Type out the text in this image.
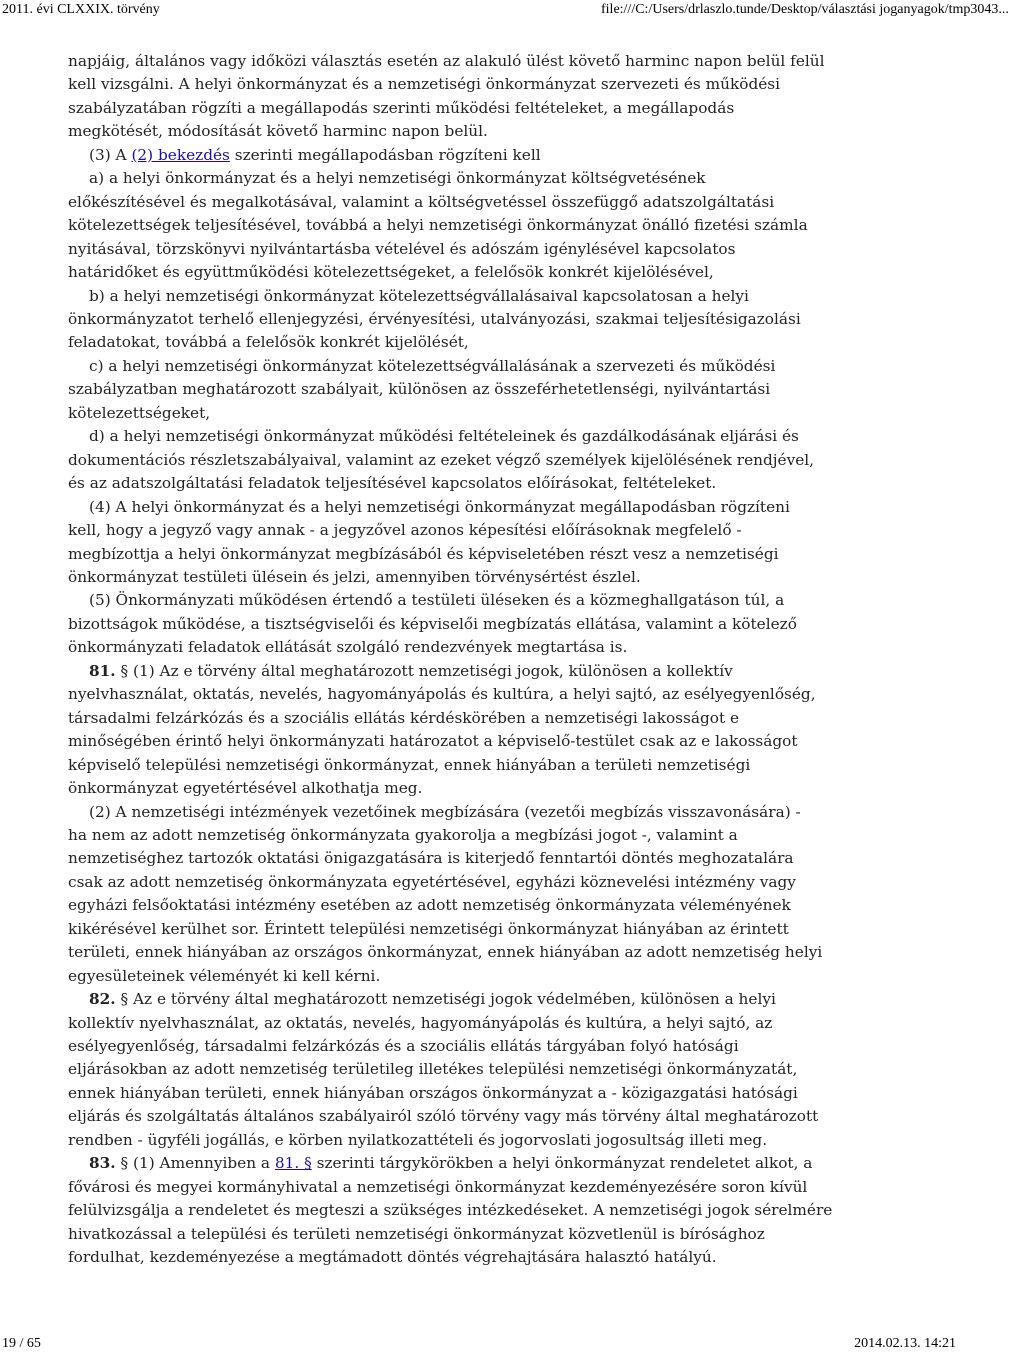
2011. évi CLXXIX. törvény	file:///C:/Users/drlaszlo.tunde/Desktop/választási joganyagok/tmp3043...

napjáig, általános vagy időközi választás esetén az alakuló ülést követő harminc napon belül felül
kell vizsgálni. A helyi önkormányzat és a nemzetiségi önkormányzat szervezeti és működési
szabályzatában rögzíti a megállapodás szerinti működési feltételeket, a megállapodás
megkötését, módosítását követő harminc napon belül.

(3) A (2) bekezdés szerinti megállapodásban rögzíteni kell
a) a helyi önkormányzat és a helyi nemzetiségi önkormányzat költségvetésének
előkészítésével és megalkotásával, valamint a költségvetéssel összefüggő adatszolgáltatási
kötelezettségek teljesítésével, továbbá a helyi nemzetiségi önkormányzat önálló fizetési számla
nyitásával, törzskönyvi nyilvántartásba vételével és adószám igénylésével kapcsolatos
határidőket és együttműködési kötelezettségeket, a felelősök konkrét kijelölésével,
b) a helyi nemzetiségi önkormányzat kötelezettségvállalásaival kapcsolatosan a helyi
önkormányzatot terhelő ellenjegyzési, érvényesítési, utalványozási, szakmai teljesítésigazolási
feladatokat, továbbá a felelősök konkrét kijelölését,
c) a helyi nemzetiségi önkormányzat kötelezettségvállalásának a szervezeti és működési
szabályzatban meghatározott szabályait, különösen az összeférhetetlenségi, nyilvántartási
kötelezettségeket,
d) a helyi nemzetiségi önkormányzat működési feltételeinek és gazdálkodásának eljárási és
dokumentációs részletszabályaival, valamint az ezeket végző személyek kijelölésének rendjével,
és az adatszolgáltatási feladatok teljesítésével kapcsolatos előírásokat, feltételeket.

(4) A helyi önkormányzat és a helyi nemzetiségi önkormányzat megállapodásban rögzíteni
kell, hogy a jegyző vagy annak - a jegyzővel azonos képesítési előírásoknak megfelelő -
megbízottja a helyi önkormányzat megbízásából és képviseletében részt vesz a nemzetiségi
önkormányzat testületi ülésein és jelzi, amennyiben törvénysértést észlel.

(5) Önkormányzati működésen értendő a testületi üléseken és a közmeghallgatáson túl, a
bizottságok működése, a tisztségviselői és képviselői megbízatás ellátása, valamint a kötelező
önkormányzati feladatok ellátását szolgáló rendezvények megtartása is.

81. § (1) Az e törvény által meghatározott nemzetiségi jogok, különösen a kollektív
nyelvhasználat, oktatás, nevelés, hagyományápolás és kultúra, a helyi sajtó, az esélyegyenlőség,
társadalmi felzárkózás és a szociális ellátás kérdéskörében a nemzetiségi lakosságot e
minőségében érintő helyi önkormányzati határozatot a képviselő-testület csak az e lakosságot
képviselő települési nemzetiségi önkormányzat, ennek hiányában a területi nemzetiségi
önkormányzat egyetértésével alkothatja meg.
(2) A nemzetiségi intézmények vezetőinek megbízására (vezetői megbízás visszavonására) -
ha nem az adott nemzetiség önkormányzata gyakorolja a megbízási jogot -, valamint a
nemzetiséghez tartozók oktatási önigazgatására is kiterjedő fenntartói döntés meghozatalára
csak az adott nemzetiség önkormányzata egyetértésével, egyházi köznevelési intézmény vagy
egyházi felsőoktatási intézmény esetében az adott nemzetiség önkormányzata véleményének
kikérésével kerülhet sor. Érintett települési nemzetiségi önkormányzat hiányában az érintett
területi, ennek hiányában az országos önkormányzat, ennek hiányában az adott nemzetiség helyi
egyesületeinek véleményét ki kell kérni.

82. § Az e törvény által meghatározott nemzetiségi jogok védelmében, különösen a helyi
kollektív nyelvhasználat, az oktatás, nevelés, hagyományápolás és kultúra, a helyi sajtó, az
esélyegyenlőség, társadalmi felzárkózás és a szociális ellátás tárgyában folyó hatósági
eljárásokban az adott nemzetiség területileg illetékes települési nemzetiségi önkormányzatát,
ennek hiányában területi, ennek hiányában országos önkormányzat a - közigazgatási hatósági
eljárás és szolgáltatás általános szabályairól szóló törvény vagy más törvény által meghatározott
rendben - ügyféli jogállás, e körben nyilatkozattételi és jogorvoslati jogosultság illeti meg.

83. § (1) Amennyiben a 81. § szerinti tárgykörökben a helyi önkormányzat rendeletet alkot, a
fővárosi és megyei kormányhivatal a nemzetiségi önkormányzat kezdeményezésére soron kívül
felülvizsgálja a rendeletet és megteszi a szükséges intézkedéseket. A nemzetiségi jogok sérelmére
hivatkozással a települési és területi nemzetiségi önkormányzat közvetlenül is bírósághoz
fordulhat, kezdeményezése a megtámadott döntés végrehajtására halasztó hatályú.

19 / 65	2014.02.13. 14:21
